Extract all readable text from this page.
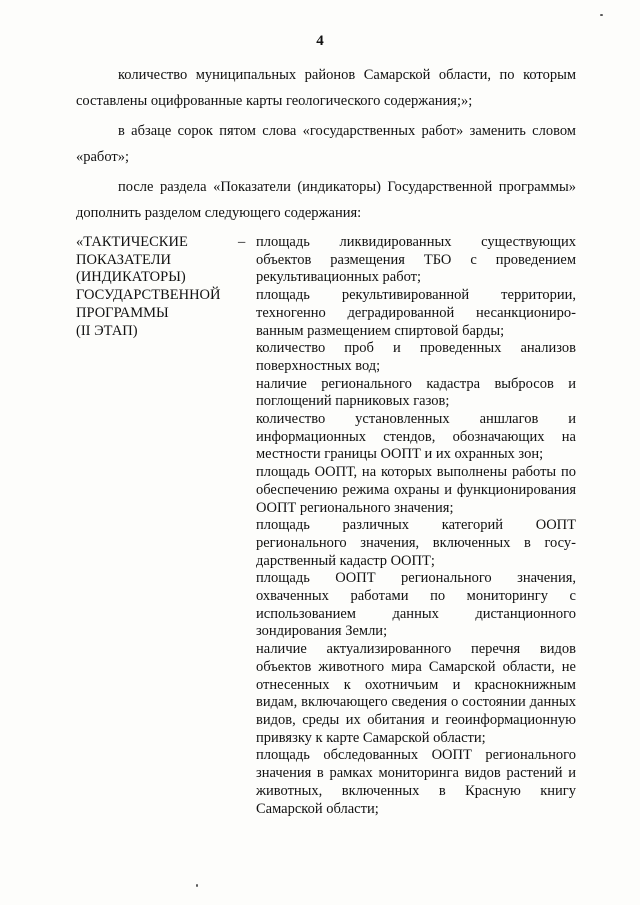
4

количество муниципальных районов Самарской области, по которым составлены оцифрованные карты геологического содержания;»;

в абзаце сорок пятом слова «государственных работ» заменить словом «работ»;

после раздела «Показатели (индикаторы) Государственной программы» дополнить разделом следующего содержания:

«ТАКТИЧЕСКИЕ
ПОКАЗАТЕЛИ
(ИНДИКАТОРЫ)
ГОСУДАРСТВЕННОЙ
ПРОГРАММЫ
(II ЭТАП)
– площадь ликвидированных существующих объектов размещения ТБО с проведением рекультивационных работ;
площадь рекультивированной территории, техногенно деградированной несанкционированным размещением спиртовой барды;
количество проб и проведенных анализов поверхностных вод;
наличие регионального кадастра выбросов и поглощений парниковых газов;
количество установленных аншлагов и информационных стендов, обозначающих на местности границы ООПТ и их охранных зон;
площадь ООПТ, на которых выполнены работы по обеспечению режима охраны и функционирования ООПТ регионального значения;
площадь различных категорий ООПТ регионального значения, включенных в государственный кадастр ООПТ;
площадь ООПТ регионального значения, охваченных работами по мониторингу с использованием данных дистанционного зондирования Земли;
наличие актуализированного перечня видов объектов животного мира Самарской области, не отнесенных к охотничьим и краснокнижным видам, включающего сведения о состоянии данных видов, среды их обитания и геоинформационную привязку к карте Самарской области;
площадь обследованных ООПТ регионального значения в рамках мониторинга видов растений и животных, включенных в Красную книгу Самарской области;
